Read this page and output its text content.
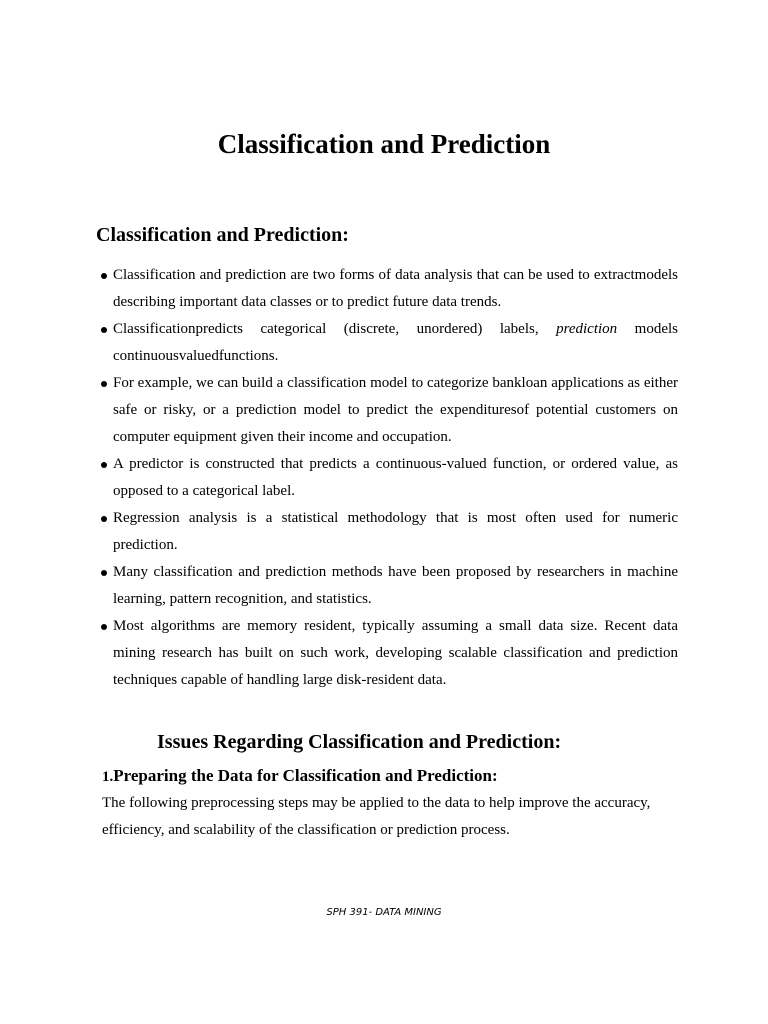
Classification and Prediction
Classification and Prediction:
Classification and prediction are two forms of data analysis that can be used to extractmodels describing important data classes or to predict future data trends.
Classificationpredicts categorical (discrete, unordered) labels, prediction models continuousvaluedfunctions.
For example, we can build a classification model to categorize bankloan applications as either safe or risky, or a prediction model to predict the expendituresof potential customers on computer equipment given their income and occupation.
A predictor is constructed that predicts a continuous-valued function, or ordered value, as opposed to a categorical label.
Regression analysis is a statistical methodology that is most often used for numeric prediction.
Many classification and prediction methods have been proposed by researchers in machine learning, pattern recognition, and statistics.
Most algorithms are memory resident, typically assuming a small data size. Recent data mining research has built on such work, developing scalable classification and prediction techniques capable of handling large disk-resident data.
Issues Regarding Classification and Prediction:
1.Preparing the Data for Classification and Prediction:

The following preprocessing steps may be applied to the data to help improve the accuracy, efficiency, and scalability of the classification or prediction process.

SPH 391- DATA MINING
